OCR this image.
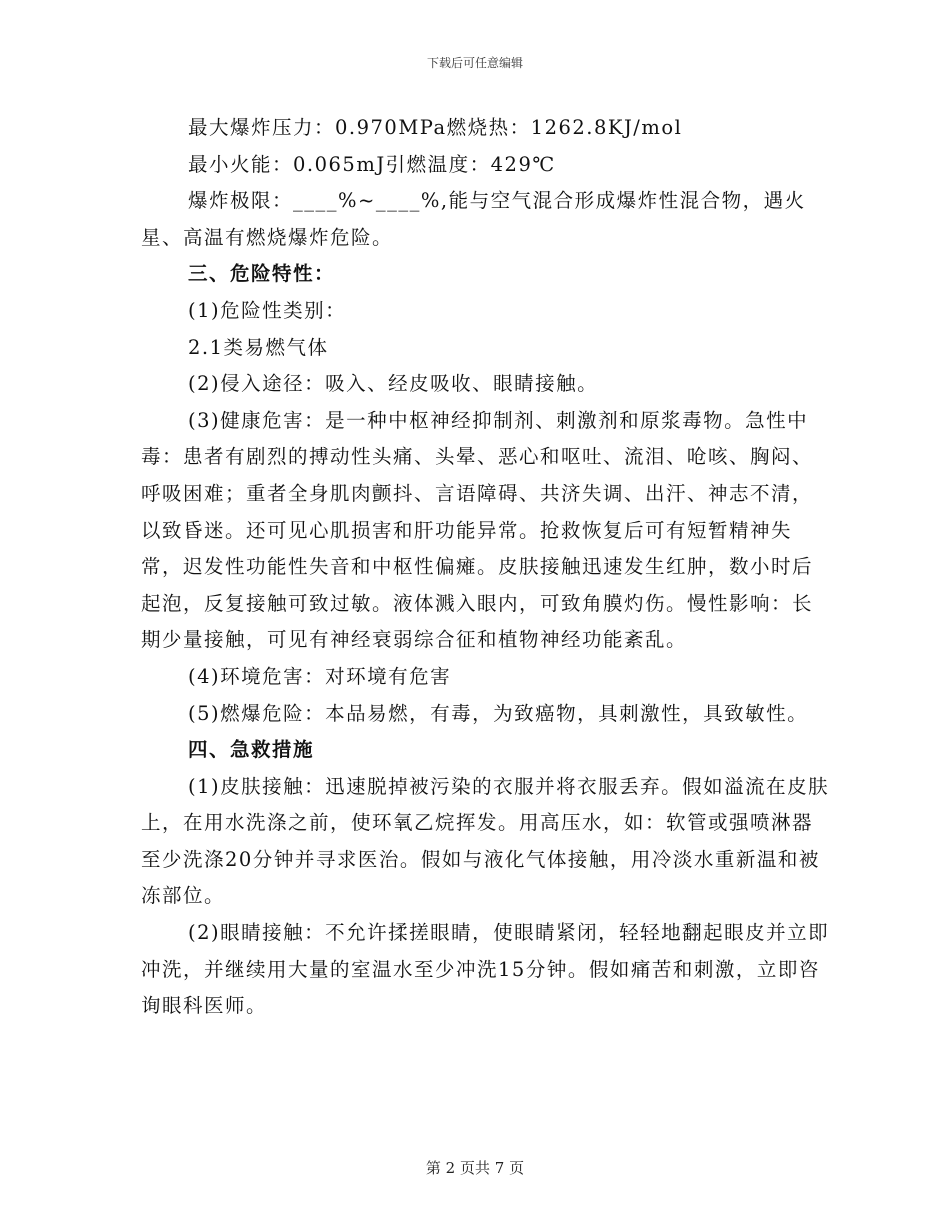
下载后可任意编辑

最大爆炸压力：0.970MPa燃烧热：1262.8KJ/mol

最小火能：0.065mJ引燃温度：429℃

爆炸极限：____%~____%,能与空气混合形成爆炸性混合物，遇火星、高温有燃烧爆炸危险。

三、危险特性：

(1)危险性类别：

2.1类易燃气体

(2)侵入途径：吸入、经皮吸收、眼睛接触。

(3)健康危害：是一种中枢神经抑制剂、刺激剂和原浆毒物。急性中毒：患者有剧烈的搏动性头痛、头晕、恶心和呕吐、流泪、呛咳、胸闷、呼吸困难；重者全身肌肉颤抖、言语障碍、共济失调、出汗、神志不清，以致昏迷。还可见心肌损害和肝功能异常。抢救恢复后可有短暂精神失常，迟发性功能性失音和中枢性偏瘫。皮肤接触迅速发生红肿，数小时后起泡，反复接触可致过敏。液体溅入眼内，可致角膜灼伤。慢性影响：长期少量接触，可见有神经衰弱综合征和植物神经功能紊乱。

(4)环境危害：对环境有危害

(5)燃爆危险：本品易燃，有毒，为致癌物，具刺激性，具致敏性。

四、急救措施

(1)皮肤接触：迅速脱掉被污染的衣服并将衣服丢弃。假如溢流在皮肤上，在用水洗涤之前，使环氧乙烷挥发。用高压水，如：软管或强喷淋器至少洗涤20分钟并寻求医治。假如与液化气体接触，用冷淡水重新温和被冻部位。

(2)眼睛接触：不允许揉搓眼睛，使眼睛紧闭，轻轻地翻起眼皮并立即冲洗，并继续用大量的室温水至少冲洗15分钟。假如痛苦和刺激，立即咨询眼科医师。

第 2 页共 7 页
